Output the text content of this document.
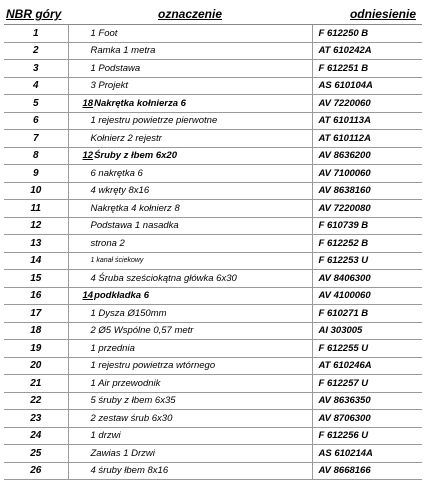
NBR góry	oznaczenie	odniesienie
1	1 Foot	F 612250 B
2	Ramka 1 metra	AT 610242A
3	1 Podstawa	F 612251 B
4	3 Projekt	AS 610104A
5	18Nakrętka kołnierza 6	AV 7220060
6	1 rejestru powietrze pierwotne	AT 610113A
7	Kołnierz 2 rejestr	AT 610112A
8	12Śruby z łbem 6x20	AV 8636200
9	6 nakrętka 6	AV 7100060
10	4 wkręty 8x16	AV 8638160
11	Nakrętka 4 kołnierz 8	AV 7220080
12	Podstawa 1 nasadka	F 610739 B
13	strona 2	F 612252 B
14	1 kanał ściekowy	F 612253 U
15	4 Śruba sześciokątna główka 6x30	AV 8406300
16	14podkładka 6	AV 4100060
17	1 Dysza Ø150mm	F 610271 B
18	2 Ø5 Wspólne 0,57 metr	AI 303005
19	1 przednia	F 612255 U
20	1 rejestru powietrza wtórnego	AT 610246A
21	1 Air przewodnik	F 612257 U
22	5 śruby z łbem 6x35	AV 8636350
23	2 zestaw śrub 6x30	AV 8706300
24	1 drzwi	F 612256 U
25	Zawias 1 Drzwi	AS 610214A
26	4 śruby łbem 8x16	AV 8668166
